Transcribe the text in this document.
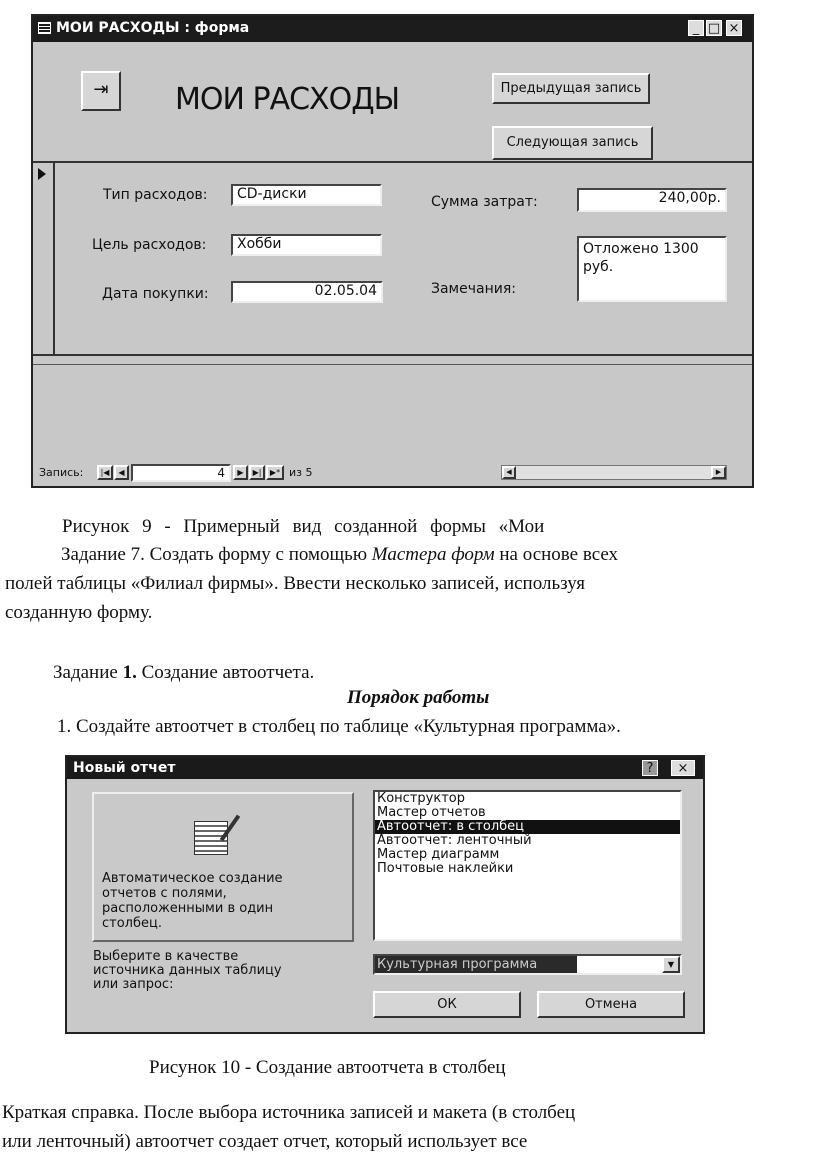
МОИ РАСХОДЫ : форма	_ □ ×
⇥	МОИ РАСХОДЫ	Предыдущая запись
Следующая запись
Тип расходов:	CD-диски
Цель расходов:	Хобби
Дата покупки:	02.05.04
Сумма затрат:	240,00р.
Замечания:
Отложено 1300 руб.
Запись:	|◀	◀	4	▶	▶|	▶* из 5	◀	▶
Рисунок 9 - Примерный вид созданной формы «Мои
Задание 7. Создать форму с помощью Мастера форм на основе всех
полей таблицы «Филиал фирмы». Ввести несколько записей, используя
созданную форму.
Задание 1. Создание автоотчета.
Порядок работы
1. Создайте автоотчет в столбец по таблице «Культурная программа».
Новый отчет	?	×
Автоматическое создание
отчетов с полями,
расположенными в один
столбец.
Конструктор
Мастер отчетов
Автоотчет: в столбец
Автоотчет: ленточный
Мастер диаграмм
Почтовые наклейки
Выберите в качестве
источника данных таблицу
или запрос:
Культурная программа	▼
ОК	Отмена
Рисунок 10 - Создание автоотчета в столбец
Краткая справка. После выбора источника записей и макета (в столбец
или ленточный) автоотчет создает отчет, который использует все
